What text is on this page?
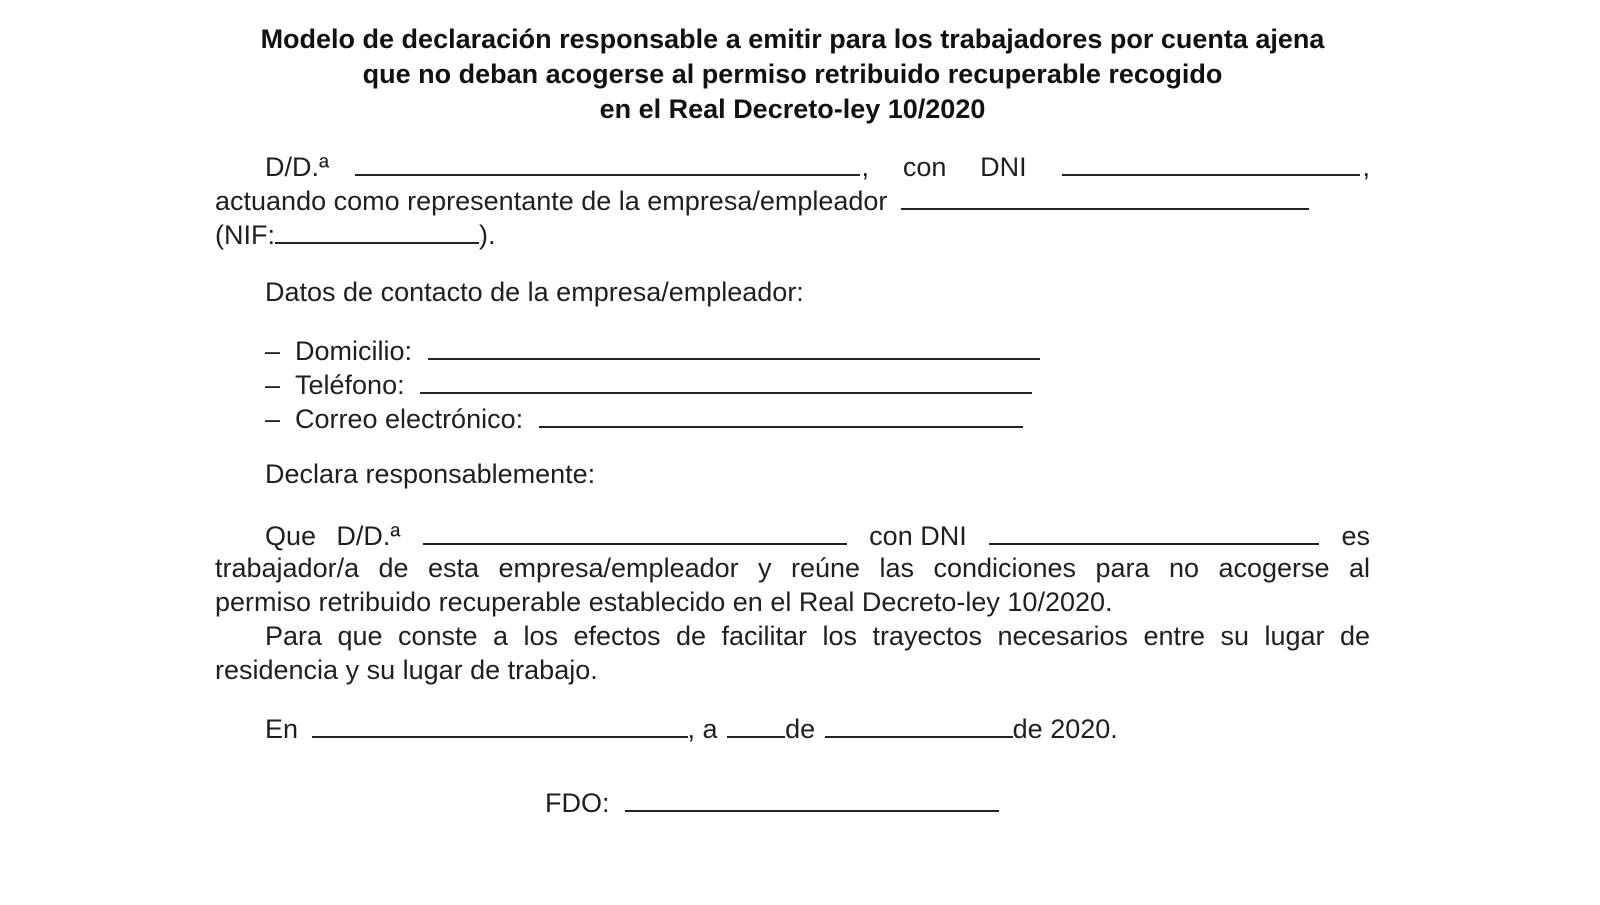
Modelo de declaración responsable a emitir para los trabajadores por cuenta ajena
que no deban acogerse al permiso retribuido recuperable recogido
en el Real Decreto-ley 10/2020
D/D.ª	, con DNI	,
actuando como representante de la empresa/empleador
(NIF:	).
Datos de contacto de la empresa/empleador:
– Domicilio:
– Teléfono:
– Correo electrónico:
Declara responsablemente:
Que D/D.ª	con DNI	es
trabajador/a de esta empresa/empleador y reúne las condiciones para no acogerse al
permiso retribuido recuperable establecido en el Real Decreto-ley 10/2020.
Para que conste a los efectos de facilitar los trayectos necesarios entre su lugar de
residencia y su lugar de trabajo.
En	, a	de	de 2020.
FDO:
